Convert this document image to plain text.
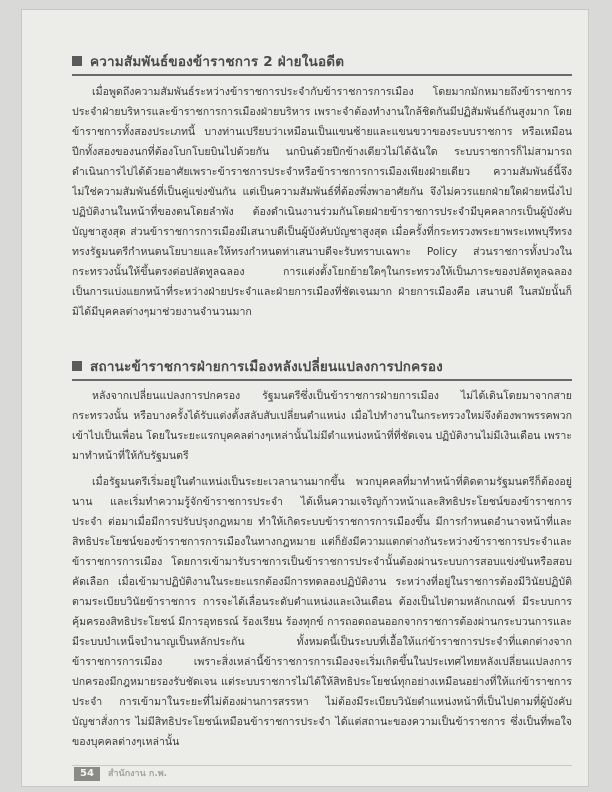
ความสัมพันธ์ของข้าราชการ 2 ฝ่ายในอดีต

เมื่อพูดถึงความสัมพันธ์ระหว่างข้าราชการประจำกับข้าราชการการเมือง โดยมากมักหมายถึงข้าราชการประจำฝ่ายบริหารและข้าราชการการเมืองฝ่ายบริหาร เพราะจำต้องทำงานใกล้ชิดกันมีปฏิสัมพันธ์กันสูงมาก โดยข้าราชการทั้งสองประเภทนี้ บางท่านเปรียบว่าเหมือนเป็นแขนซ้ายและแขนขวาของระบบราชการ หรือเหมือนปีกทั้งสองของนกที่ต้องโบกโบยบินไปด้วยกัน นกบินด้วยปีกข้างเดียวไม่ได้ฉันใด ระบบราชการก็ไม่สามารถดำเนินการไปได้ด้วยอาศัยเพราะข้าราชการประจำหรือข้าราชการการเมืองเพียงฝ่ายเดียว ความสัมพันธ์นี้จึงไม่ใช่ความสัมพันธ์ที่เป็นคู่แข่งขันกัน แต่เป็นความสัมพันธ์ที่ต้องพึ่งพาอาศัยกัน จึงไม่ควรแยกฝ่ายใดฝ่ายหนึ่งไปปฏิบัติงานในหน้าที่ของตนโดยลำพัง ต้องดำเนินงานร่วมกันโดยฝ่ายข้าราชการประจำมีบุคคลากรเป็นผู้บังคับบัญชาสูงสุด ส่วนข้าราชการการเมืองมีเสนาบดีเป็นผู้บังคับบัญชาสูงสุด เมื่อครั้งที่กระทรวงพระยาพระเทพบุรีทรงทรงรัฐมนตรีกำหนดนโยบายและให้ทรงกำหนดท่าเสนาบดีจะรับทราบเฉพาะ Policy ส่วนราชการทั้งปวงในกระทรวงนั้นให้ขึ้นตรงต่อปลัดทูลฉลอง การแต่งตั้งโยกย้ายใดๆในกระทรวงให้เป็นภาระของปลัดทูลฉลอง เป็นการแบ่งแยกหน้าที่ระหว่างฝ่ายประจำและฝ่ายการเมืองที่ชัดเจนมาก ฝ่ายการเมืองคือ เสนาบดี ในสมัยนั้นก็มิได้มีบุคคลต่างๆมาช่วยงานจำนวนมาก

สถานะข้าราชการฝ่ายการเมืองหลังเปลี่ยนแปลงการปกครอง

หลังจากเปลี่ยนแปลงการปกครอง รัฐมนตรีซึ่งเป็นข้าราชการฝ่ายการเมือง ไม่ได้เดินโดยมาจากสายกระทรวงนั้น หรือบางครั้งได้รับแต่งตั้งสลับสับเปลี่ยนตำแหน่ง เมื่อไปทำงานในกระทรวงใหม่จึงต้องพาพรรคพวกเข้าไปเป็นเพื่อน โดยในระยะแรกบุคคลต่างๆเหล่านั้นไม่มีตำแหน่งหน้าที่ที่ชัดเจน ปฏิบัติงานไม่มีเงินเดือน เพราะมาทำหน้าที่ให้กับรัฐมนตรี

เมื่อรัฐมนตรีเริ่มอยู่ในตำแหน่งเป็นระยะเวลานานมากขึ้น พวกบุคคลที่มาทำหน้าที่ติดตามรัฐมนตรีก็ต้องอยู่นาน และเริ่มทำความรู้จักข้าราชการประจำ ได้เห็นความเจริญก้าวหน้าและสิทธิประโยชน์ของข้าราชการประจำ ต่อมาเมื่อมีการปรับปรุงกฎหมาย ทำให้เกิดระบบข้าราชการการเมืองขึ้น มีการกำหนดอำนาจหน้าที่และสิทธิประโยชน์ของข้าราชการการเมืองในทางกฎหมาย แต่ก็ยังมีความแตกต่างกันระหว่างข้าราชการประจำและข้าราชการการเมือง โดยการเข้ามารับราชการเป็นข้าราชการประจำนั้นต้องผ่านระบบการสอบแข่งขันหรือสอบคัดเลือก เมื่อเข้ามาปฏิบัติงานในระยะแรกต้องมีการทดลองปฏิบัติงาน ระหว่างที่อยู่ในราชการต้องมีวินัยปฏิบัติตามระเบียบวินัยข้าราชการ การจะได้เลื่อนระดับตำแหน่งและเงินเดือน ต้องเป็นไปตามหลักเกณฑ์ มีระบบการคุ้มครองสิทธิประโยชน์ มีการอุทธรณ์ ร้องเรียน ร้องทุกข์ การถอดถอนออกจากราชการต้องผ่านกระบวนการและมีระบบบำเหน็จบำนาญเป็นหลักประกัน ทั้งหมดนี้เป็นระบบที่เอื้อให้แก่ข้าราชการประจำที่แตกต่างจากข้าราชการการเมือง เพราะสิ่งเหล่านี้ข้าราชการการเมืองจะเริ่มเกิดขึ้นในประเทศไทยหลังเปลี่ยนแปลงการปกครองมีกฎหมายรองรับชัดเจน แต่ระบบราชการไม่ได้ให้สิทธิประโยชน์ทุกอย่างเหมือนอย่างที่ให้แก่ข้าราชการประจำ การเข้ามาในระยะที่ไม่ต้องผ่านการสรรหา ไม่ต้องมีระเบียบวินัยตำแหน่งหน้าที่เป็นไปตามที่ผู้บังคับบัญชาสั่งการ ไม่มีสิทธิประโยชน์เหมือนข้าราชการประจำ ได้แต่สถานะของความเป็นข้าราชการ ซึ่งเป็นที่พอใจของบุคคลต่างๆเหล่านั้น

54	สำนักงาน ก.พ.
